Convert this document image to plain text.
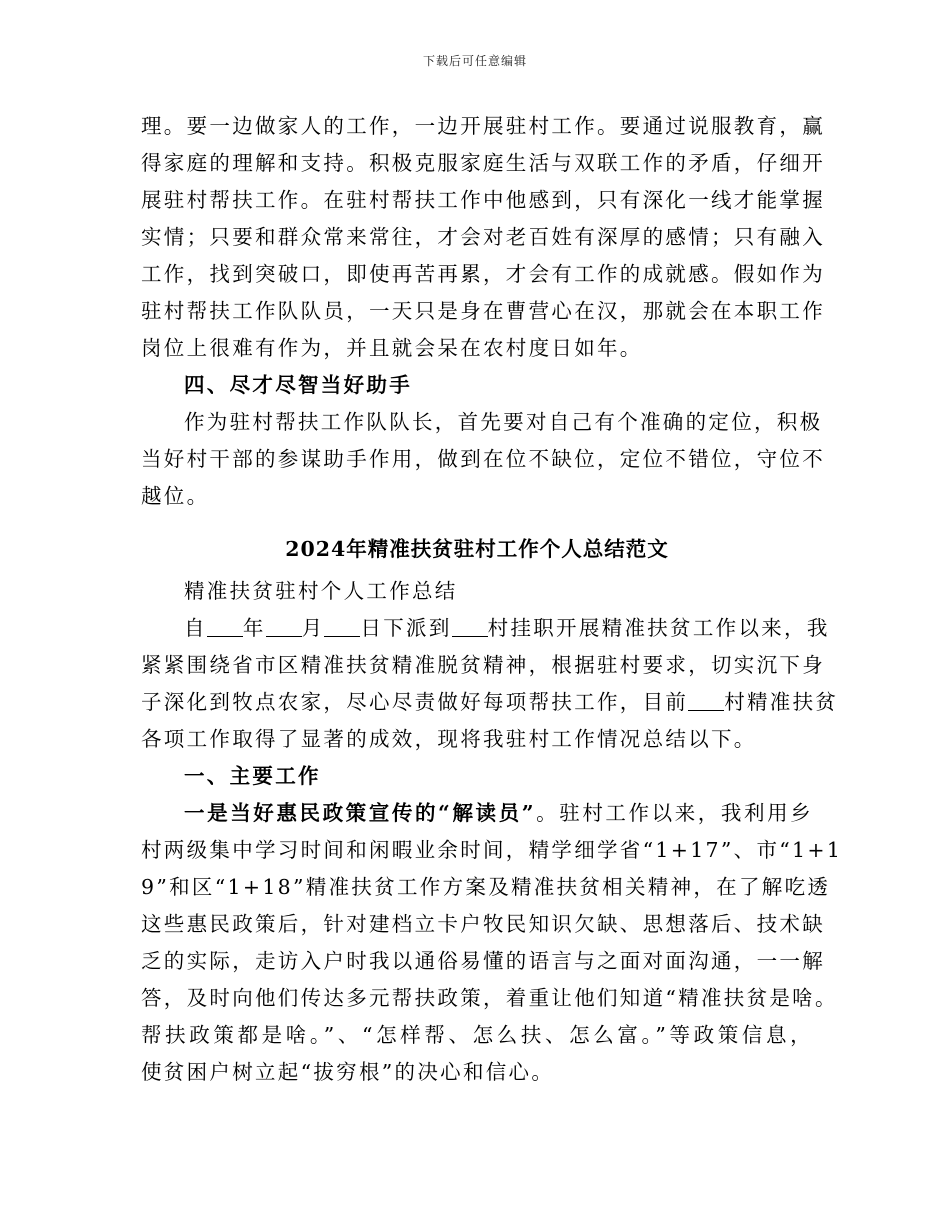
下载后可任意编辑
理。要一边做家人的工作，一边开展驻村工作。要通过说服教育，赢
得家庭的理解和支持。积极克服家庭生活与双联工作的矛盾，仔细开
展驻村帮扶工作。在驻村帮扶工作中他感到，只有深化一线才能掌握
实情；只要和群众常来常往，才会对老百姓有深厚的感情；只有融入
工作，找到突破口，即使再苦再累，才会有工作的成就感。假如作为
驻村帮扶工作队队员，一天只是身在曹营心在汉，那就会在本职工作
岗位上很难有作为，并且就会呆在农村度日如年。
四、尽才尽智当好助手
作为驻村帮扶工作队队长，首先要对自己有个准确的定位，积极
当好村干部的参谋助手作用，做到在位不缺位，定位不错位，守位不
越位。
2024年精准扶贫驻村工作个人总结范文
精准扶贫驻村个人工作总结
自 年 月 日下派到 村挂职开展精准扶贫工作以来，我
紧紧围绕省市区精准扶贫精准脱贫精神，根据驻村要求，切实沉下身
子深化到牧点农家，尽心尽责做好每项帮扶工作，目前 村精准扶贫
各项工作取得了显著的成效，现将我驻村工作情况总结以下。
一、主要工作
一是当好惠民政策宣传的“解读员”。驻村工作以来，我利用乡
村两级集中学习时间和闲暇业余时间，精学细学省“1+17”、市“1+1
9”和区“1+18”精准扶贫工作方案及精准扶贫相关精神，在了解吃透
这些惠民政策后，针对建档立卡户牧民知识欠缺、思想落后、技术缺
乏的实际，走访入户时我以通俗易懂的语言与之面对面沟通，一一解
答，及时向他们传达多元帮扶政策，着重让他们知道“精准扶贫是啥。
帮扶政策都是啥。”、“怎样帮、怎么扶、怎么富。”等政策信息，
使贫困户树立起“拔穷根”的决心和信心。
